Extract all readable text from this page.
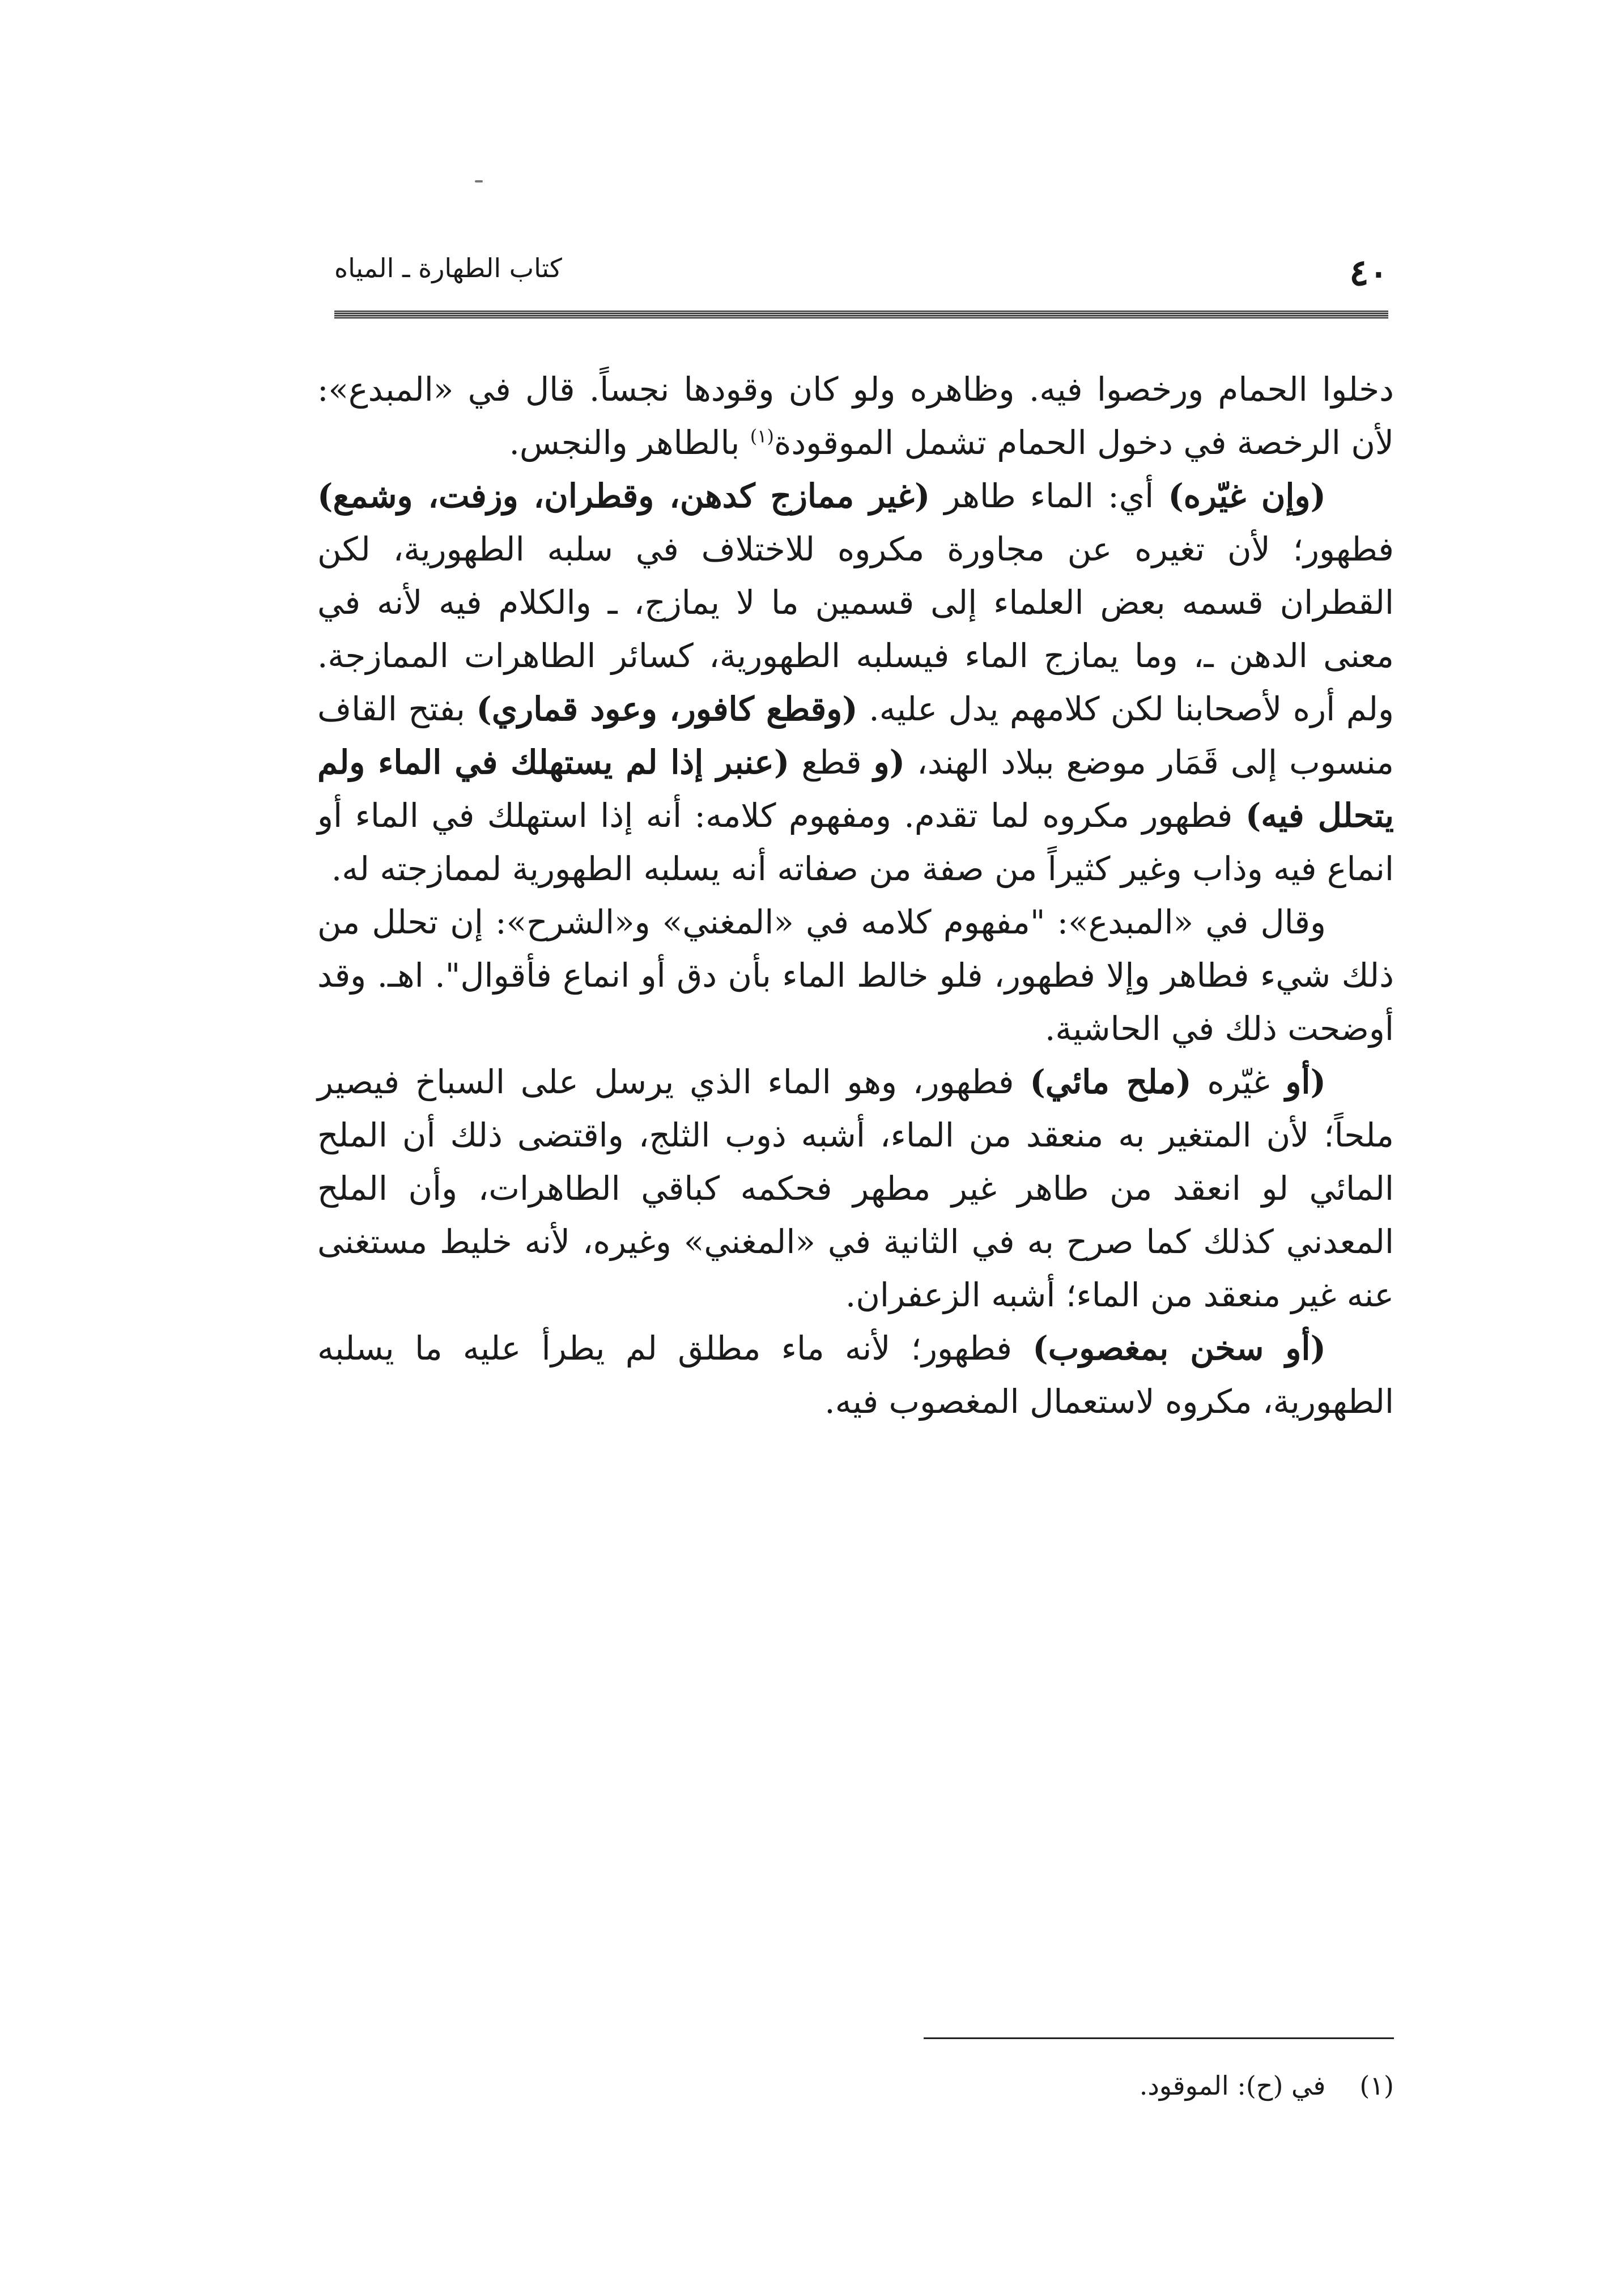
٤٠
كتاب الطهارة ـ المياه

دخلوا الحمام ورخصوا فيه. وظاهره ولو كان وقودها نجساً. قال في «المبدع»: لأن الرخصة في دخول الحمام تشمل الموقودة$^{(١)}$ بالطاهر والنجس.

(وإن غيّره) أي: الماء طاهر (غير ممازج كدهن، وقطران، وزفت، وشمع) فطهور؛ لأن تغيره عن مجاورة مكروه للاختلاف في سلبه الطهورية، لكن القطران قسمه بعض العلماء إلى قسمين ما لا يمازج، ـ والكلام فيه لأنه في معنى الدهن ـ، وما يمازج الماء فيسلبه الطهورية، كسائر الطاهرات الممازجة. ولم أره لأصحابنا لكن كلامهم يدل عليه. (وقطع كافور، وعود قماري) بفتح القاف منسوب إلى قَمَار موضع ببلاد الهند، (و قطع (عنبر إذا لم يستهلك في الماء ولم يتحلل فيه) فطهور مكروه لما تقدم. ومفهوم كلامه: أنه إذا استهلك في الماء أو انماع فيه وذاب وغير كثيراً من صفة من صفاته أنه يسلبه الطهورية لممازجته له.

وقال في «المبدع»: "مفهوم كلامه في «المغني» و«الشرح»: إن تحلل من ذلك شيء فطاهر وإلا فطهور، فلو خالط الماء بأن دق أو انماع فأقوال". اهـ. وقد أوضحت ذلك في الحاشية.

(أو غيّره (ملح مائي) فطهور، وهو الماء الذي يرسل على السباخ فيصير ملحاً؛ لأن المتغير به منعقد من الماء، أشبه ذوب الثلج، واقتضى ذلك أن الملح المائي لو انعقد من طاهر غير مطهر فحكمه كباقي الطاهرات، وأن الملح المعدني كذلك كما صرح به في الثانية في «المغني» وغيره، لأنه خليط مستغنى عنه غير منعقد من الماء؛ أشبه الزعفران.

(أو سخن بمغصوب) فطهور؛ لأنه ماء مطلق لم يطرأ عليه ما يسلبه الطهورية، مكروه لاستعمال المغصوب فيه.

(١)في (ح): الموقود.
